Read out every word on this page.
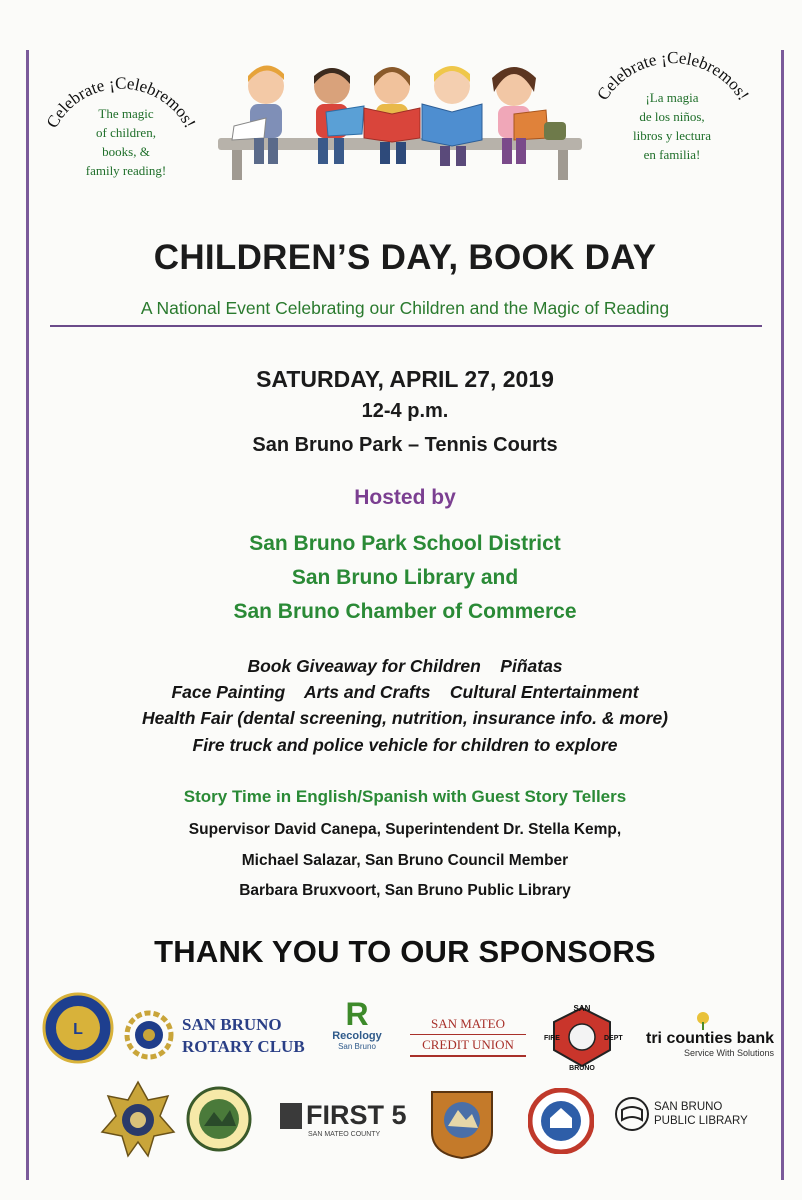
Celebrate ¡Celebremos!
The magic
of children,
books, &
family reading!
Celebrate ¡Celebremos!
¡La magia
de los niños,
libros y lectura
en familia!
CHILDREN’S DAY, BOOK DAY
A National Event Celebrating our Children and the Magic of Reading
SATURDAY, APRIL 27, 2019
12-4 p.m.
San Bruno Park – Tennis Courts
Hosted by
San Bruno Park School District
San Bruno Library and
San Bruno Chamber of Commerce
Book Giveaway for Children    Piñatas
Face Painting    Arts and Crafts    Cultural Entertainment
Health Fair (dental screening, nutrition, insurance info. & more)
Fire truck and police vehicle for children to explore
Story Time in English/Spanish with Guest Story Tellers
Supervisor David Canepa, Superintendent Dr. Stella Kemp,
Michael Salazar, San Bruno Council Member
Barbara Bruxvoort, San Bruno Public Library
THANK YOU TO OUR SPONSORS
L	SAN BRUNO
ROTARY CLUB
R
Recology
San Bruno
SAN MATEO
CREDIT UNION
SAN
FIRE	DEPT
BRUNO
tri counties bank
Service With Solutions
FIRST 5
SAN MATEO COUNTY
SAN BRUNO
PUBLIC LIBRARY
